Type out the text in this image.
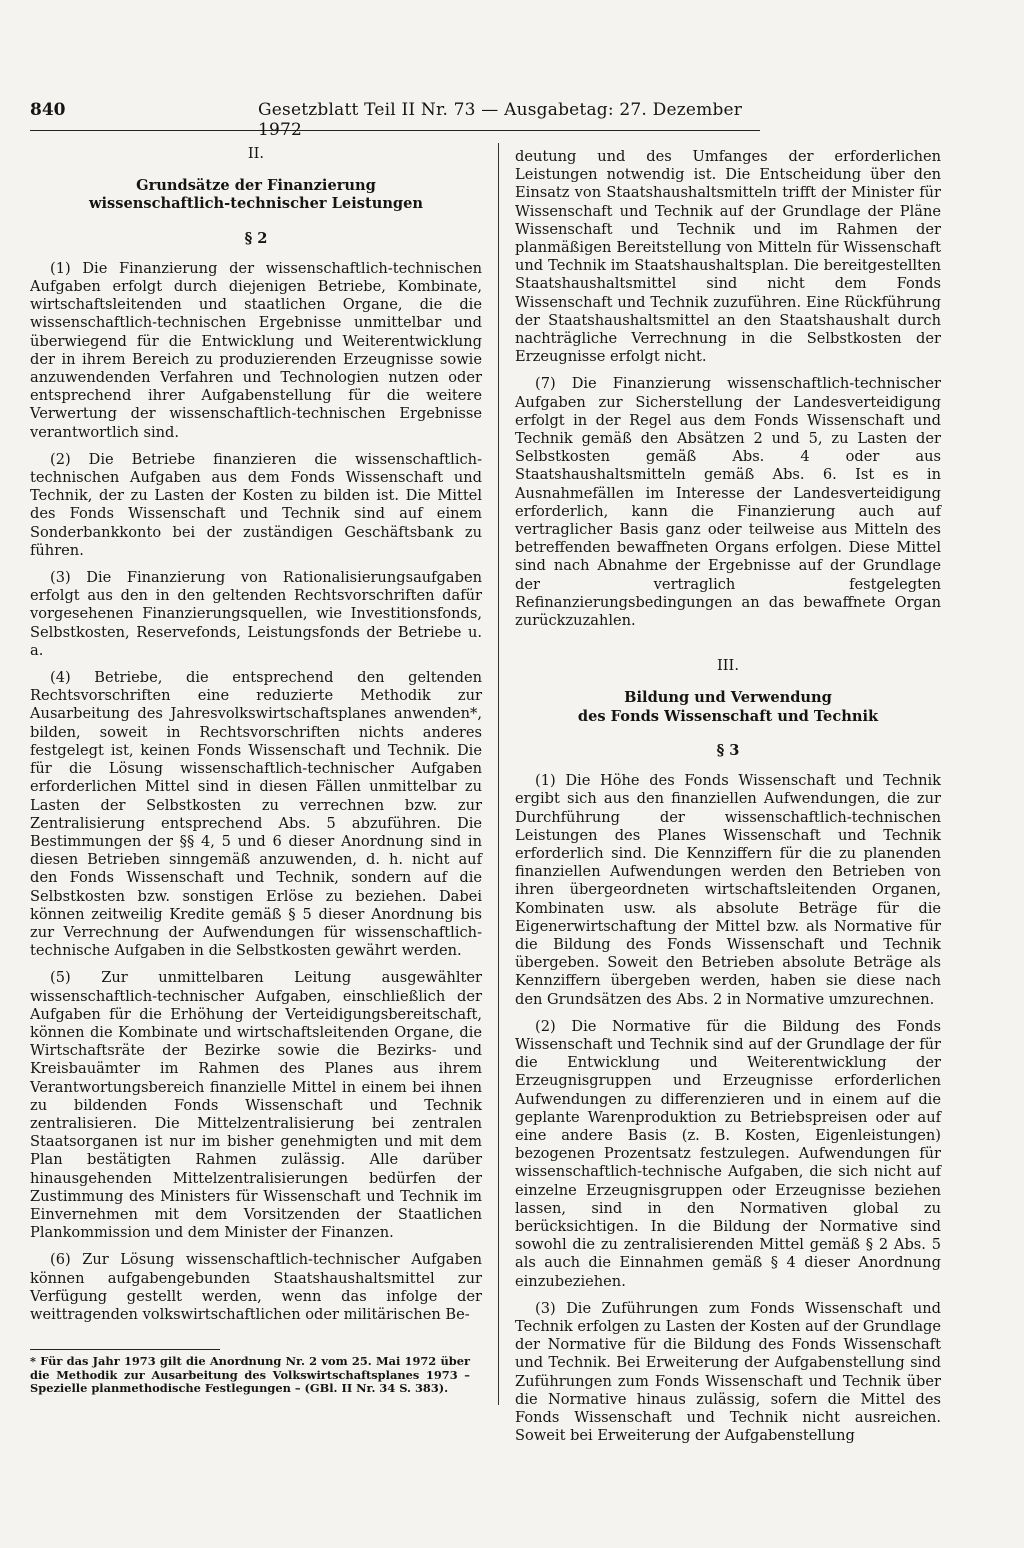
840	Gesetzblatt Teil II Nr. 73 — Ausgabetag: 27. Dezember 1972

II.

Grundsätze der Finanzierung
wissenschaftlich-technischer Leistungen

§ 2

(1) Die Finanzierung der wissenschaftlich-technischen Aufgaben erfolgt durch diejenigen Betriebe, Kombinate, wirtschaftsleitenden und staatlichen Organe, die die wissenschaftlich-technischen Ergebnisse unmittelbar und überwiegend für die Entwicklung und Weiterentwicklung der in ihrem Bereich zu produzierenden Erzeugnisse sowie anzuwendenden Verfahren und Technologien nutzen oder entsprechend ihrer Aufgabenstellung für die weitere Verwertung der wissenschaftlich-technischen Ergebnisse verantwortlich sind.

(2) Die Betriebe finanzieren die wissenschaftlich-technischen Aufgaben aus dem Fonds Wissenschaft und Technik, der zu Lasten der Kosten zu bilden ist. Die Mittel des Fonds Wissenschaft und Technik sind auf einem Sonderbankkonto bei der zuständigen Geschäftsbank zu führen.

(3) Die Finanzierung von Rationalisierungsaufgaben erfolgt aus den in den geltenden Rechtsvorschriften dafür vorgesehenen Finanzierungsquellen, wie Investitionsfonds, Selbstkosten, Reservefonds, Leistungsfonds der Betriebe u. a.

(4) Betriebe, die entsprechend den geltenden Rechtsvorschriften eine reduzierte Methodik zur Ausarbeitung des Jahresvolkswirtschaftsplanes anwenden*, bilden, soweit in Rechtsvorschriften nichts anderes festgelegt ist, keinen Fonds Wissenschaft und Technik. Die für die Lösung wissenschaftlich-technischer Aufgaben erforderlichen Mittel sind in diesen Fällen unmittelbar zu Lasten der Selbstkosten zu verrechnen bzw. zur Zentralisierung entsprechend Abs. 5 abzuführen. Die Bestimmungen der §§ 4, 5 und 6 dieser Anordnung sind in diesen Betrieben sinngemäß anzuwenden, d. h. nicht auf den Fonds Wissenschaft und Technik, sondern auf die Selbstkosten bzw. sonstigen Erlöse zu beziehen. Dabei können zeitweilig Kredite gemäß § 5 dieser Anordnung bis zur Verrechnung der Aufwendungen für wissenschaftlich-technische Aufgaben in die Selbstkosten gewährt werden.

(5) Zur unmittelbaren Leitung ausgewählter wissenschaftlich-technischer Aufgaben, einschließlich der Aufgaben für die Erhöhung der Verteidigungsbereitschaft, können die Kombinate und wirtschaftsleitenden Organe, die Wirtschaftsräte der Bezirke sowie die Bezirks- und Kreisbauämter im Rahmen des Planes aus ihrem Verantwortungsbereich finanzielle Mittel in einem bei ihnen zu bildenden Fonds Wissenschaft und Technik zentralisieren. Die Mittelzentralisierung bei zentralen Staatsorganen ist nur im bisher genehmigten und mit dem Plan bestätigten Rahmen zulässig. Alle darüber hinausgehenden Mittelzentralisierungen bedürfen der Zustimmung des Ministers für Wissenschaft und Technik im Einvernehmen mit dem Vorsitzenden der Staatlichen Plankommission und dem Minister der Finanzen.

(6) Zur Lösung wissenschaftlich-technischer Aufgaben können aufgabengebunden Staatshaushaltsmittel zur Verfügung gestellt werden, wenn das infolge der weittragenden volkswirtschaftlichen oder militärischen Be-

* Für das Jahr 1973 gilt die Anordnung Nr. 2 vom 25. Mai 1972 über die Methodik zur Ausarbeitung des Volkswirtschaftsplanes 1973 – Spezielle planmethodische Festlegungen – (GBl. II Nr. 34 S. 383).

deutung und des Umfanges der erforderlichen Leistungen notwendig ist. Die Entscheidung über den Einsatz von Staatshaushaltsmitteln trifft der Minister für Wissenschaft und Technik auf der Grundlage der Pläne Wissenschaft und Technik und im Rahmen der planmäßigen Bereitstellung von Mitteln für Wissenschaft und Technik im Staatshaushaltsplan. Die bereitgestellten Staatshaushaltsmittel sind nicht dem Fonds Wissenschaft und Technik zuzuführen. Eine Rückführung der Staatshaushaltsmittel an den Staatshaushalt durch nachträgliche Verrechnung in die Selbstkosten der Erzeugnisse erfolgt nicht.

(7) Die Finanzierung wissenschaftlich-technischer Aufgaben zur Sicherstellung der Landesverteidigung erfolgt in der Regel aus dem Fonds Wissenschaft und Technik gemäß den Absätzen 2 und 5, zu Lasten der Selbstkosten gemäß Abs. 4 oder aus Staatshaushaltsmitteln gemäß Abs. 6. Ist es in Ausnahmefällen im Interesse der Landesverteidigung erforderlich, kann die Finanzierung auch auf vertraglicher Basis ganz oder teilweise aus Mitteln des betreffenden bewaffneten Organs erfolgen. Diese Mittel sind nach Abnahme der Ergebnisse auf der Grundlage der vertraglich festgelegten Refinanzierungsbedingungen an das bewaffnete Organ zurückzuzahlen.

III.

Bildung und Verwendung
des Fonds Wissenschaft und Technik

§ 3

(1) Die Höhe des Fonds Wissenschaft und Technik ergibt sich aus den finanziellen Aufwendungen, die zur Durchführung der wissenschaftlich-technischen Leistungen des Planes Wissenschaft und Technik erforderlich sind. Die Kennziffern für die zu planenden finanziellen Aufwendungen werden den Betrieben von ihren übergeordneten wirtschaftsleitenden Organen, Kombinaten usw. als absolute Beträge für die Eigenerwirtschaftung der Mittel bzw. als Normative für die Bildung des Fonds Wissenschaft und Technik übergeben. Soweit den Betrieben absolute Beträge als Kennziffern übergeben werden, haben sie diese nach den Grundsätzen des Abs. 2 in Normative umzurechnen.

(2) Die Normative für die Bildung des Fonds Wissenschaft und Technik sind auf der Grundlage der für die Entwicklung und Weiterentwicklung der Erzeugnisgruppen und Erzeugnisse erforderlichen Aufwendungen zu differenzieren und in einem auf die geplante Warenproduktion zu Betriebspreisen oder auf eine andere Basis (z. B. Kosten, Eigenleistungen) bezogenen Prozentsatz festzulegen. Aufwendungen für wissenschaftlich-technische Aufgaben, die sich nicht auf einzelne Erzeugnisgruppen oder Erzeugnisse beziehen lassen, sind in den Normativen global zu berücksichtigen. In die Bildung der Normative sind sowohl die zu zentralisierenden Mittel gemäß § 2 Abs. 5 als auch die Einnahmen gemäß § 4 dieser Anordnung einzubeziehen.

(3) Die Zuführungen zum Fonds Wissenschaft und Technik erfolgen zu Lasten der Kosten auf der Grundlage der Normative für die Bildung des Fonds Wissenschaft und Technik. Bei Erweiterung der Aufgabenstellung sind Zuführungen zum Fonds Wissenschaft und Technik über die Normative hinaus zulässig, sofern die Mittel des Fonds Wissenschaft und Technik nicht ausreichen. Soweit bei Erweiterung der Aufgabenstellung
